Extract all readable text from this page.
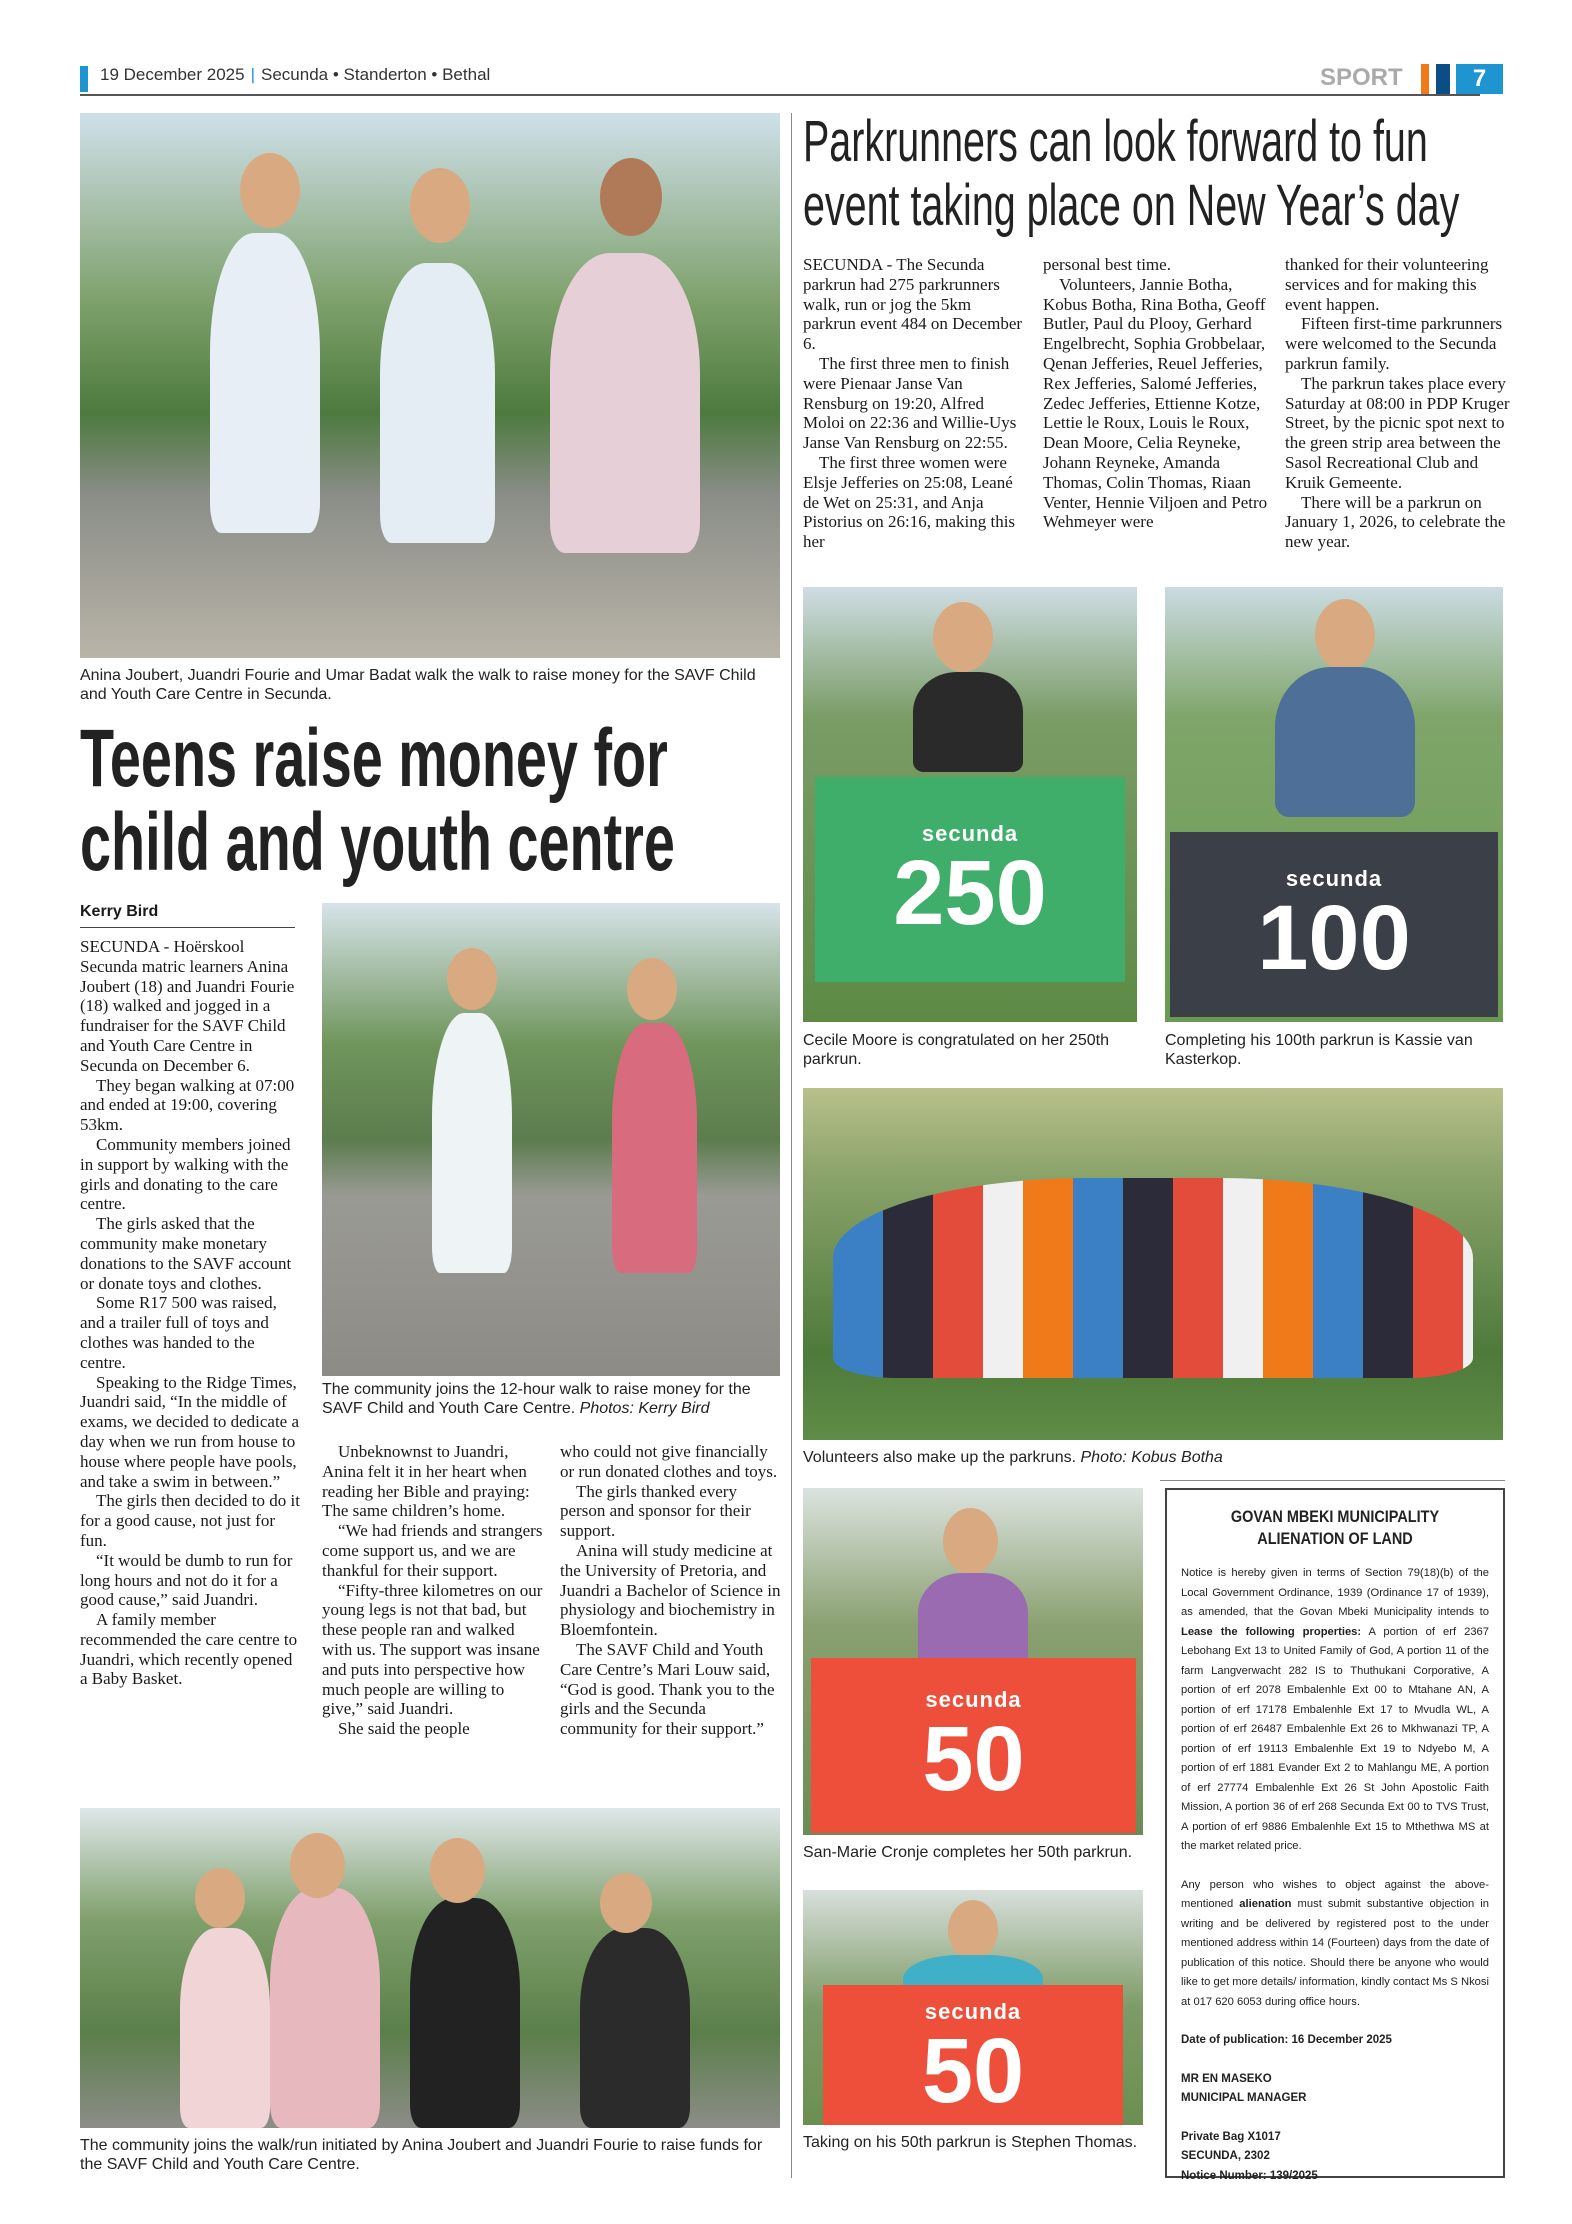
19 December 2025 | Secunda • Standerton • Bethal	SPORT	7
Anina Joubert, Juandri Fourie and Umar Badat walk the walk to raise money for the SAVF Child and Youth Care Centre in Secunda.
Teens raise money for
child and youth centre
Kerry Bird

SECUNDA - Hoërskool Secunda matric learners Anina Joubert (18) and Juandri Fourie (18) walked and jogged in a fundraiser for the SAVF Child and Youth Care Centre in Secunda on December 6.

They began walking at 07:00 and ended at 19:00, covering 53km.

Community members joined in support by walking with the girls and donating to the care centre.

The girls asked that the community make monetary donations to the SAVF account or donate toys and clothes.

Some R17 500 was raised, and a trailer full of toys and clothes was handed to the centre.

Speaking to the Ridge Times, Juandri said, “In the middle of exams, we decided to dedicate a day when we run from house to house where people have pools, and take a swim in between.”

The girls then decided to do it for a good cause, not just for fun.

“It would be dumb to run for long hours and not do it for a good cause,” said Juandri.

A family member recommended the care centre to Juandri, which recently opened a Baby Basket.

The community joins the 12-hour walk to raise money for the SAVF Child and Youth Care Centre. Photos: Kerry Bird

Unbeknownst to Juandri, Anina felt it in her heart when reading her Bible and praying: The same children’s home.

“We had friends and strangers come support us, and we are thankful for their support.

“Fifty-three kilometres on our young legs is not that bad, but these people ran and walked with us. The support was insane and puts into perspective how much people are willing to give,” said Juandri.

She said the people

who could not give financially or run donated clothes and toys.

The girls thanked every person and sponsor for their support.

Anina will study medicine at the University of Pretoria, and Juandri a Bachelor of Science in physiology and biochemistry in Bloemfontein.

The SAVF Child and Youth Care Centre’s Mari Louw said, “God is good. Thank you to the girls and the Secunda community for their support.”

The community joins the walk/run initiated by Anina Joubert and Juandri Fourie to raise funds for the SAVF Child and Youth Care Centre.
Parkrunners can look forward to fun
event taking place on New Year’s day

SECUNDA - The Secunda parkrun had 275 parkrunners walk, run or jog the 5km parkrun event 484 on December 6.

The first three men to finish were Pienaar Janse Van Rensburg on 19:20, Alfred Moloi on 22:36 and Willie-Uys Janse Van Rensburg on 22:55.

The first three women were Elsje Jefferies on 25:08, Leané de Wet on 25:31, and Anja Pistorius on 26:16, making this her

personal best time.

Volunteers, Jannie Botha, Kobus Botha, Rina Botha, Geoff Butler, Paul du Plooy, Gerhard Engelbrecht, Sophia Grobbelaar, Qenan Jefferies, Reuel Jefferies, Rex Jefferies, Salomé Jefferies, Zedec Jefferies, Ettienne Kotze, Lettie le Roux, Louis le Roux, Dean Moore, Celia Reyneke, Johann Reyneke, Amanda Thomas, Colin Thomas, Riaan Venter, Hennie Viljoen and Petro Wehmeyer were

thanked for their volunteering services and for making this event happen.

Fifteen first-time parkrunners were welcomed to the Secunda parkrun family.

The parkrun takes place every Saturday at 08:00 in PDP Kruger Street, by the picnic spot next to the green strip area between the Sasol Recreational Club and Kruik Gemeente.

There will be a parkrun on January 1, 2026, to celebrate the new year.

secunda
250
Cecile Moore is congratulated on her 250th parkrun.
secunda
100
Completing his 100th parkrun is Kassie van Kasterkop.
Volunteers also make up the parkruns. Photo: Kobus Botha
secunda
50
San-Marie Cronje completes her 50th parkrun.
secunda
50
Taking on his 50th parkrun is Stephen Thomas.
GOVAN MBEKI MUNICIPALITY
ALIENATION OF LAND

Notice is hereby given in terms of Section 79(18)(b) of the Local Government Ordinance, 1939 (Ordinance 17 of 1939), as amended, that the Govan Mbeki Municipality intends to Lease the following properties: A portion of erf 2367 Lebohang Ext 13 to United Family of God, A portion 11 of the farm Langverwacht 282 IS to Thuthukani Corporative, A portion of erf 2078 Embalenhle Ext 00 to Mtahane AN, A portion of erf 17178 Embalenhle Ext 17 to Mvudla WL, A portion of erf 26487 Embalenhle Ext 26 to Mkhwanazi TP, A portion of erf 19113 Embalenhle Ext 19 to Ndyebo M, A portion of erf 1881 Evander Ext 2 to Mahlangu ME, A portion of erf 27774 Embalenhle Ext 26 St John Apostolic Faith Mission, A portion 36 of erf 268 Secunda Ext 00 to TVS Trust, A portion of erf 9886 Embalenhle Ext 15 to Mthethwa MS at the market related price.

Any person who wishes to object against the above-mentioned alienation must submit substantive objection in writing and be delivered by registered post to the under mentioned address within 14 (Fourteen) days from the date of publication of this notice. Should there be anyone who would like to get more details/ information, kindly contact Ms S Nkosi at 017 620 6053 during office hours.

Date of publication: 16 December 2025
MR EN MASEKO
MUNICIPAL MANAGER
Private Bag X1017
SECUNDA, 2302
Notice Number: 139/2025
